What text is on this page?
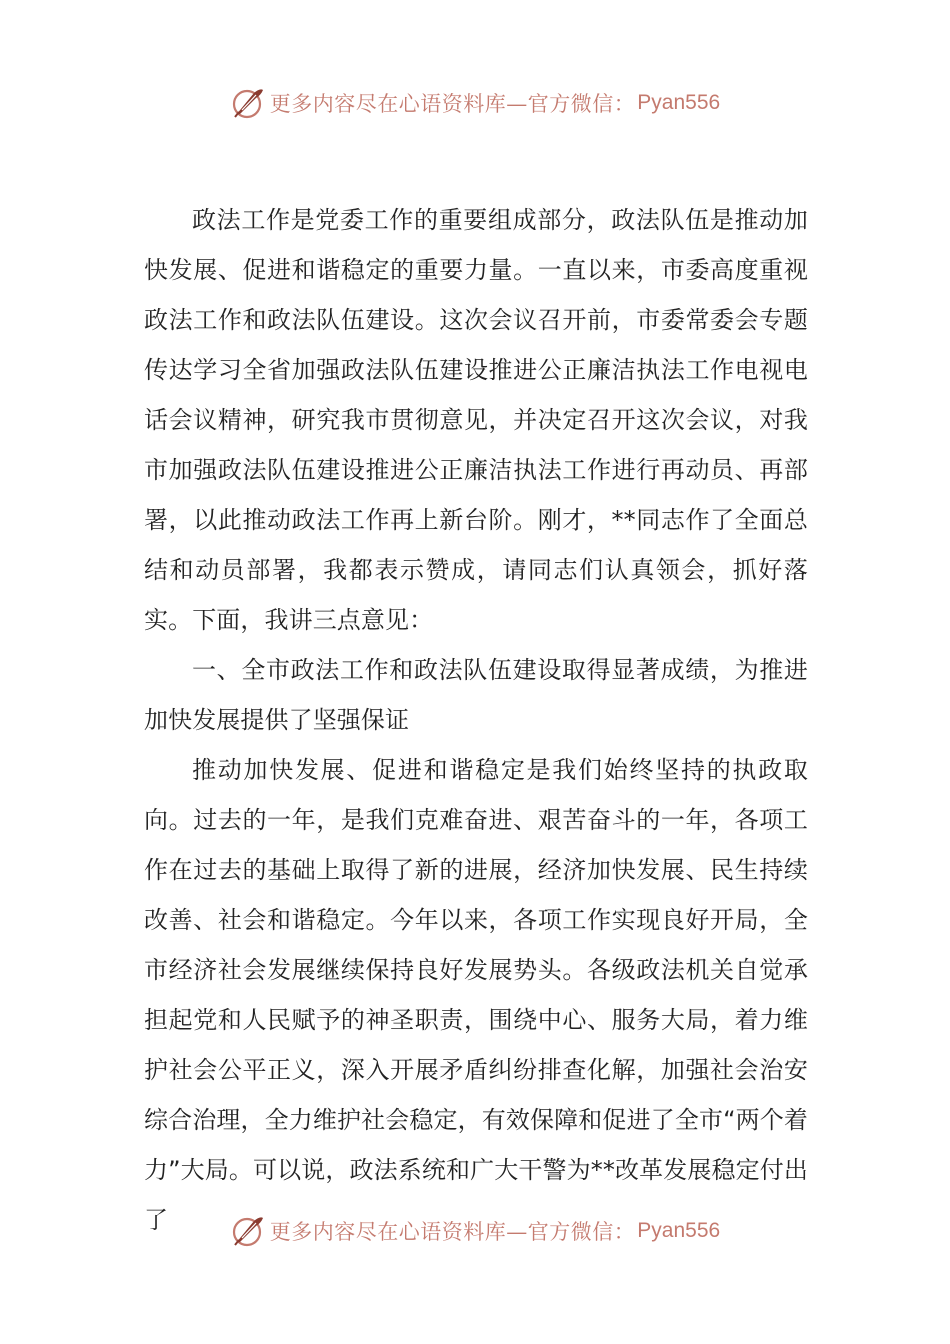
更多内容尽在心语资料库—官方微信： Pyan556

政法工作是党委工作的重要组成部分，政法队伍是推动加快发展、促进和谐稳定的重要力量。一直以来，市委高度重视政法工作和政法队伍建设。这次会议召开前，市委常委会专题传达学习全省加强政法队伍建设推进公正廉洁执法工作电视电话会议精神，研究我市贯彻意见，并决定召开这次会议，对我市加强政法队伍建设推进公正廉洁执法工作进行再动员、再部署，以此推动政法工作再上新台阶。刚才，**同志作了全面总结和动员部署，我都表示赞成，请同志们认真领会，抓好落实。下面，我讲三点意见：

一、全市政法工作和政法队伍建设取得显著成绩，为推进加快发展提供了坚强保证

推动加快发展、促进和谐稳定是我们始终坚持的执政取向。过去的一年，是我们克难奋进、艰苦奋斗的一年，各项工作在过去的基础上取得了新的进展，经济加快发展、民生持续改善、社会和谐稳定。今年以来，各项工作实现良好开局，全市经济社会发展继续保持良好发展势头。各级政法机关自觉承担起党和人民赋予的神圣职责，围绕中心、服务大局，着力维护社会公平正义，深入开展矛盾纠纷排查化解，加强社会治安综合治理，全力维护社会稳定，有效保障和促进了全市“两个着力”大局。可以说，政法系统和广大干警为**改革发展稳定付出了	更多内容尽在心语资料库—官方微信： Pyan556
